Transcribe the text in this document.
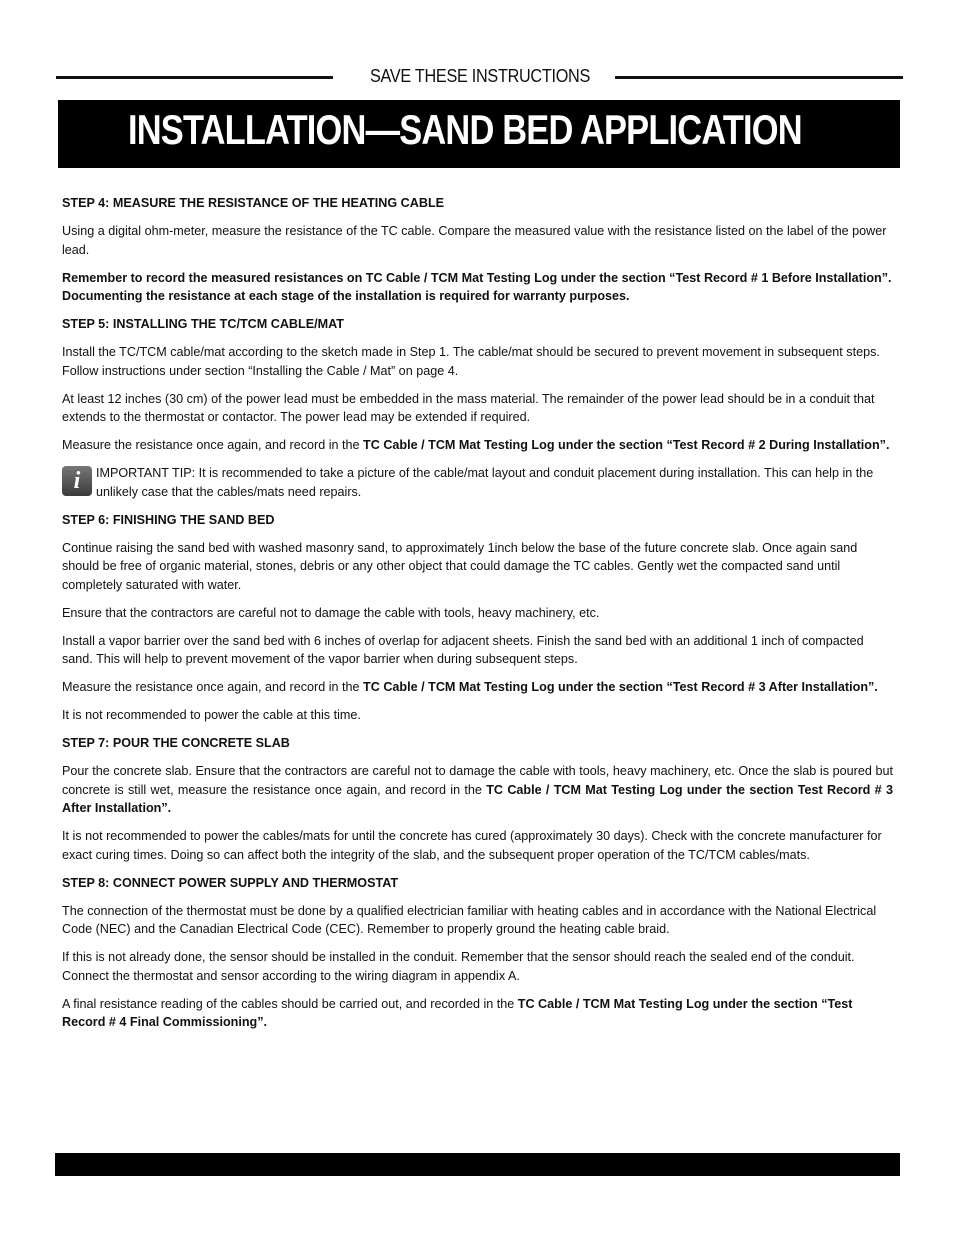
SAVE THESE INSTRUCTIONS
INSTALLATION—SAND BED APPLICATION

STEP 4: MEASURE THE RESISTANCE OF THE HEATING CABLE

Using a digital ohm-meter, measure the resistance of the TC cable. Compare the measured value with the resistance listed on the label of the power lead.

Remember to record the measured resistances on TC Cable / TCM Mat Testing Log under the section “Test Record # 1 Before Installation”. Documenting the resistance at each stage of the installation is required for warranty purposes.

STEP 5: INSTALLING THE TC/TCM CABLE/MAT

Install the TC/TCM cable/mat according to the sketch made in Step 1. The cable/mat should be secured to prevent movement in subsequent steps. Follow instructions under section “Installing the Cable / Mat” on page 4.

At least 12 inches (30 cm) of the power lead must be embedded in the mass material. The remainder of the power lead should be in a conduit that extends to the thermostat or contactor. The power lead may be extended if required.

Measure the resistance once again, and record in the TC Cable / TCM Mat Testing Log under the section “Test Record # 2 During Installation”.

i	IMPORTANT TIP: It is recommended to take a picture of the cable/mat layout and conduit placement during installation. This can help in the unlikely case that the cables/mats need repairs.

STEP 6: FINISHING THE SAND BED

Continue raising the sand bed with washed masonry sand, to approximately 1inch below the base of the future concrete slab. Once again sand should be free of organic material, stones, debris or any other object that could damage the TC cables. Gently wet the compacted sand until completely saturated with water.

Ensure that the contractors are careful not to damage the cable with tools, heavy machinery, etc.

Install a vapor barrier over the sand bed with 6 inches of overlap for adjacent sheets. Finish the sand bed with an additional 1 inch of compacted sand. This will help to prevent movement of the vapor barrier when during subsequent steps.

Measure the resistance once again, and record in the TC Cable / TCM Mat Testing Log under the section “Test Record # 3 After Installation”.

It is not recommended to power the cable at this time.

STEP 7: POUR THE CONCRETE SLAB

Pour the concrete slab. Ensure that the contractors are careful not to damage the cable with tools, heavy machinery, etc. Once the slab is poured but concrete is still wet, measure the resistance once again, and record in the TC Cable / TCM Mat Testing Log under the section Test Record # 3 After Installation”.

It is not recommended to power the cables/mats for until the concrete has cured (approximately 30 days). Check with the concrete manufacturer for exact curing times. Doing so can affect both the integrity of the slab, and the subsequent proper operation of the TC/TCM cables/mats.

STEP 8: CONNECT POWER SUPPLY AND THERMOSTAT

The connection of the thermostat must be done by a qualified electrician familiar with heating cables and in accordance with the National Electrical Code (NEC) and the Canadian Electrical Code (CEC). Remember to properly ground the heating cable braid.

If this is not already done, the sensor should be installed in the conduit. Remember that the sensor should reach the sealed end of the conduit. Connect the thermostat and sensor according to the wiring diagram in appendix A.

A final resistance reading of the cables should be carried out, and recorded in the TC Cable / TCM Mat Testing Log under the section “Test Record # 4 Final Commissioning”.
